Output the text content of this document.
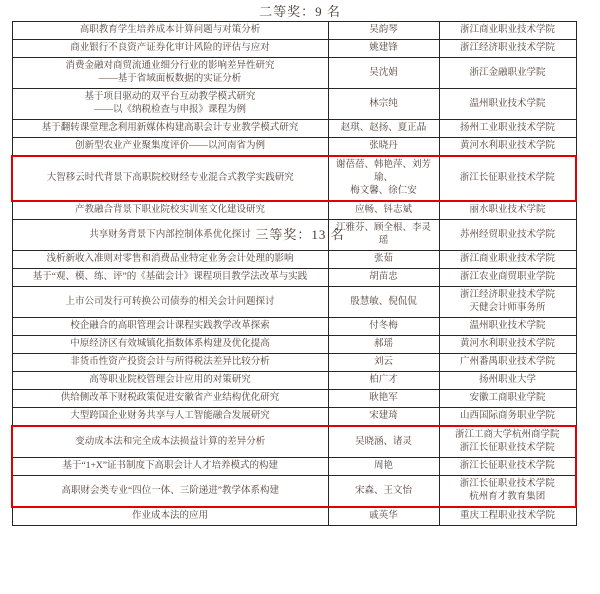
二等奖：9 名
高职教育学生培养成本计算问题与对策分析	吴韵琴	浙江商业职业技术学院
商业银行不良资产证券化审计风险的评估与应对	姚建锋	浙江经济职业技术学院
消费金融对商贸流通业细分行业的影响差异性研究
——基于省域面板数据的实证分析	吴沈娟	浙江金融职业学院
基于项目驱动的双平台互动教学模式研究
——以《纳税检查与申报》课程为例	林宗纯	温州职业技术学院
基于翻转课堂理念利用新媒体构建高职会计专业教学模式研究	赵琪、赵扬、夏正晶	扬州工业职业技术学院
创新型农业产业聚集度评价——以河南省为例	张晓丹	黄河水利职业技术学院
大智移云时代背景下高职院校财经专业混合式教学实践研究	谢蓓蓓、韩艳萍、刘芳瑜、
梅文馨、徐仁安	浙江长征职业技术学院
产教融合背景下职业院校实训室文化建设研究	应畅、钭志斌	丽水职业技术学院
共享财务背景下内部控制体系优化探讨	江雅芬、顾全根、李灵瑶	苏州经贸职业技术学院
三等奖：13 名
浅析新收入准则对零售和消费品业特定业务会计处理的影响	张茹	浙江商业职业技术学院
基于“观、模、练、评”的《基础会计》课程项目教学法改革与实践	胡苗忠	浙江农业商贸职业学院
上市公司发行可转换公司债券的相关会计问题探讨	殷慧敏、倪侃侃	浙江经济职业技术学院
天健会计师事务所
校企融合的高职管理会计课程实践教学改革探索	付冬梅	温州职业技术学院
中原经济区有效城镇化指数体系构建及优化提高	郝瑶	黄河水利职业技术学院
非货币性资产投资会计与所得税法差异比较分析	刘云	广州番禺职业技术学院
高等职业院校管理会计应用的对策研究	柏广才	扬州职业大学
供给侧改革下财税政策促进安徽省产业结构优化研究	耿艳军	安徽工商职业学院
大型跨国企业财务共享与人工智能融合发展研究	宋建琦	山西国际商务职业学院
变动成本法和完全成本法损益计算的差异分析	吴晓涵、诸灵	浙江工商大学杭州商学院
浙江长征职业技术学院
基于“1+X”证书制度下高职会计人才培养模式的构建	周艳	浙江长征职业技术学院
高职财会类专业“四位一体、三阶递进”教学体系构建	宋森、王文怡	浙江长征职业技术学院
杭州育才教育集团
作业成本法的应用	戚英华	重庆工程职业技术学院
